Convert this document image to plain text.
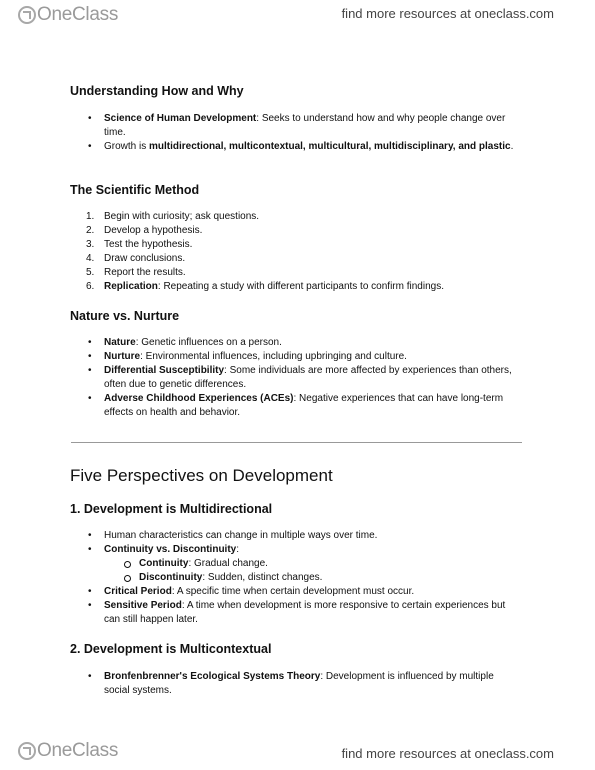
OneClass	find more resources at oneclass.com
Understanding How and Why
• Science of Human Development: Seeks to understand how and why people change over time.
• Growth is multidirectional, multicontextual, multicultural, multidisciplinary, and plastic.
The Scientific Method
1. Begin with curiosity; ask questions.
2. Develop a hypothesis.
3. Test the hypothesis.
4. Draw conclusions.
5. Report the results.
6. Replication: Repeating a study with different participants to confirm findings.
Nature vs. Nurture
• Nature: Genetic influences on a person.
• Nurture: Environmental influences, including upbringing and culture.
• Differential Susceptibility: Some individuals are more affected by experiences than others, often due to genetic differences.
• Adverse Childhood Experiences (ACEs): Negative experiences that can have long-term effects on health and behavior.
Five Perspectives on Development
1. Development is Multidirectional
• Human characteristics can change in multiple ways over time.
• Continuity vs. Discontinuity:
Continuity: Gradual change.
Discontinuity: Sudden, distinct changes.
• Critical Period: A specific time when certain development must occur.
• Sensitive Period: A time when development is more responsive to certain experiences but can still happen later.
2. Development is Multicontextual
• Bronfenbrenner's Ecological Systems Theory: Development is influenced by multiple social systems.
OneClass	find more resources at oneclass.com
